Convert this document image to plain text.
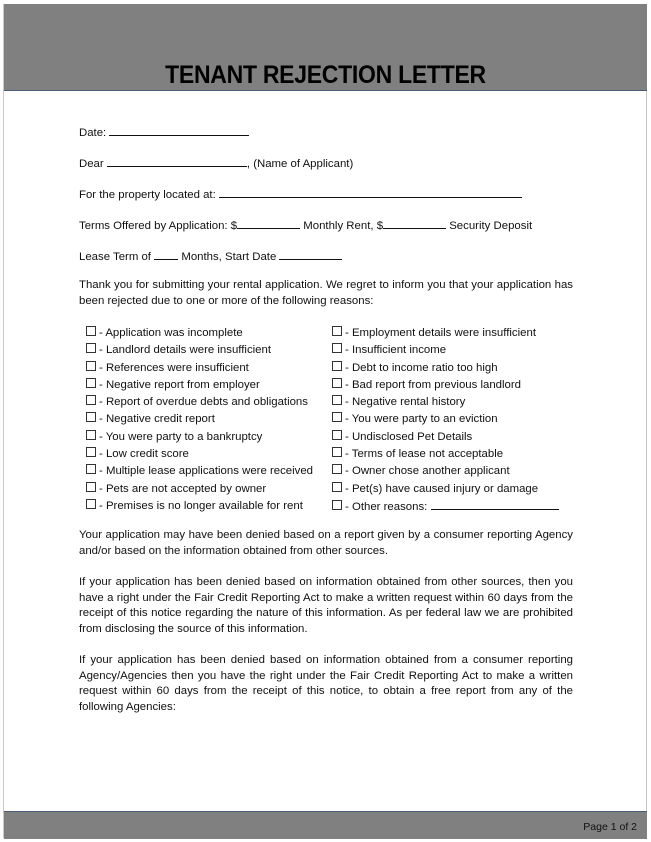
TENANT REJECTION LETTER
Date:
Dear	, (Name of Applicant)
For the property located at:
Terms Offered by Application: $	Monthly Rent, $	Security Deposit
Lease Term of	Months, Start Date
Thank you for submitting your rental application. We regret to inform you that your application has been rejected due to one or more of the following reasons:
- Application was incomplete
- Landlord details were insufficient
- References were insufficient
- Negative report from employer
- Report of overdue debts and obligations
- Negative credit report
- You were party to a bankruptcy
- Low credit score
- Multiple lease applications were received
- Pets are not accepted by owner
- Premises is no longer available for rent
- Employment details were insufficient
- Insufficient income
- Debt to income ratio too high
- Bad report from previous landlord
- Negative rental history
- You were party to an eviction
- Undisclosed Pet Details
- Terms of lease not acceptable
- Owner chose another applicant
- Pet(s) have caused injury or damage
- Other reasons:
Your application may have been denied based on a report given by a consumer reporting Agency and/or based on the information obtained from other sources.
If your application has been denied based on information obtained from other sources, then you have a right under the Fair Credit Reporting Act to make a written request within 60 days from the receipt of this notice regarding the nature of this information. As per federal law we are prohibited from disclosing the source of this information.
If your application has been denied based on information obtained from a consumer reporting Agency/Agencies then you have the right under the Fair Credit Reporting Act to make a written request within 60 days from the receipt of this notice, to obtain a free report from any of the following Agencies:
Page 1 of 2
